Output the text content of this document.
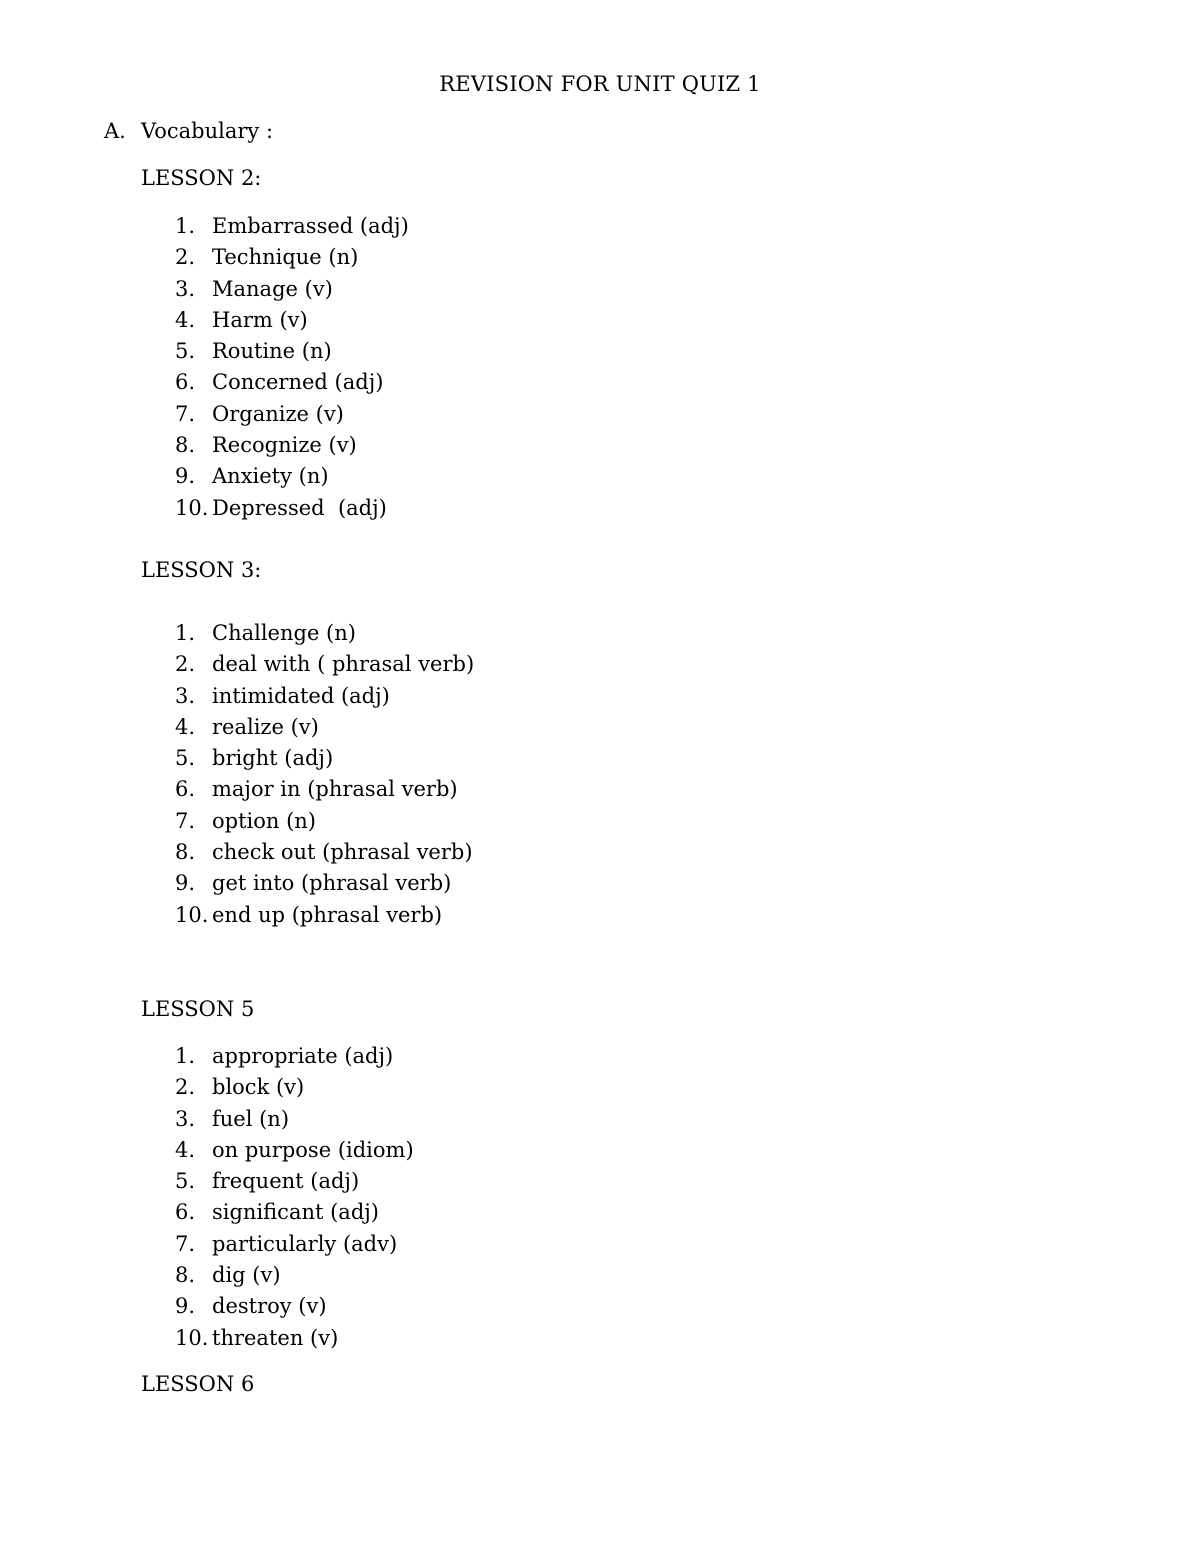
REVISION FOR UNIT QUIZ 1
A. Vocabulary :
LESSON 2:
1. Embarrassed (adj)
2. Technique (n)
3. Manage (v)
4. Harm (v)
5. Routine (n)
6. Concerned (adj)
7. Organize (v)
8. Recognize (v)
9. Anxiety (n)
10. Depressed  (adj)
LESSON 3:
1. Challenge (n)
2. deal with ( phrasal verb)
3. intimidated (adj)
4. realize (v)
5. bright (adj)
6. major in (phrasal verb)
7. option (n)
8. check out (phrasal verb)
9. get into (phrasal verb)
10. end up (phrasal verb)
LESSON 5
1. appropriate (adj)
2. block (v)
3. fuel (n)
4. on purpose (idiom)
5. frequent (adj)
6. significant (adj)
7. particularly (adv)
8. dig (v)
9. destroy (v)
10. threaten (v)
LESSON 6
